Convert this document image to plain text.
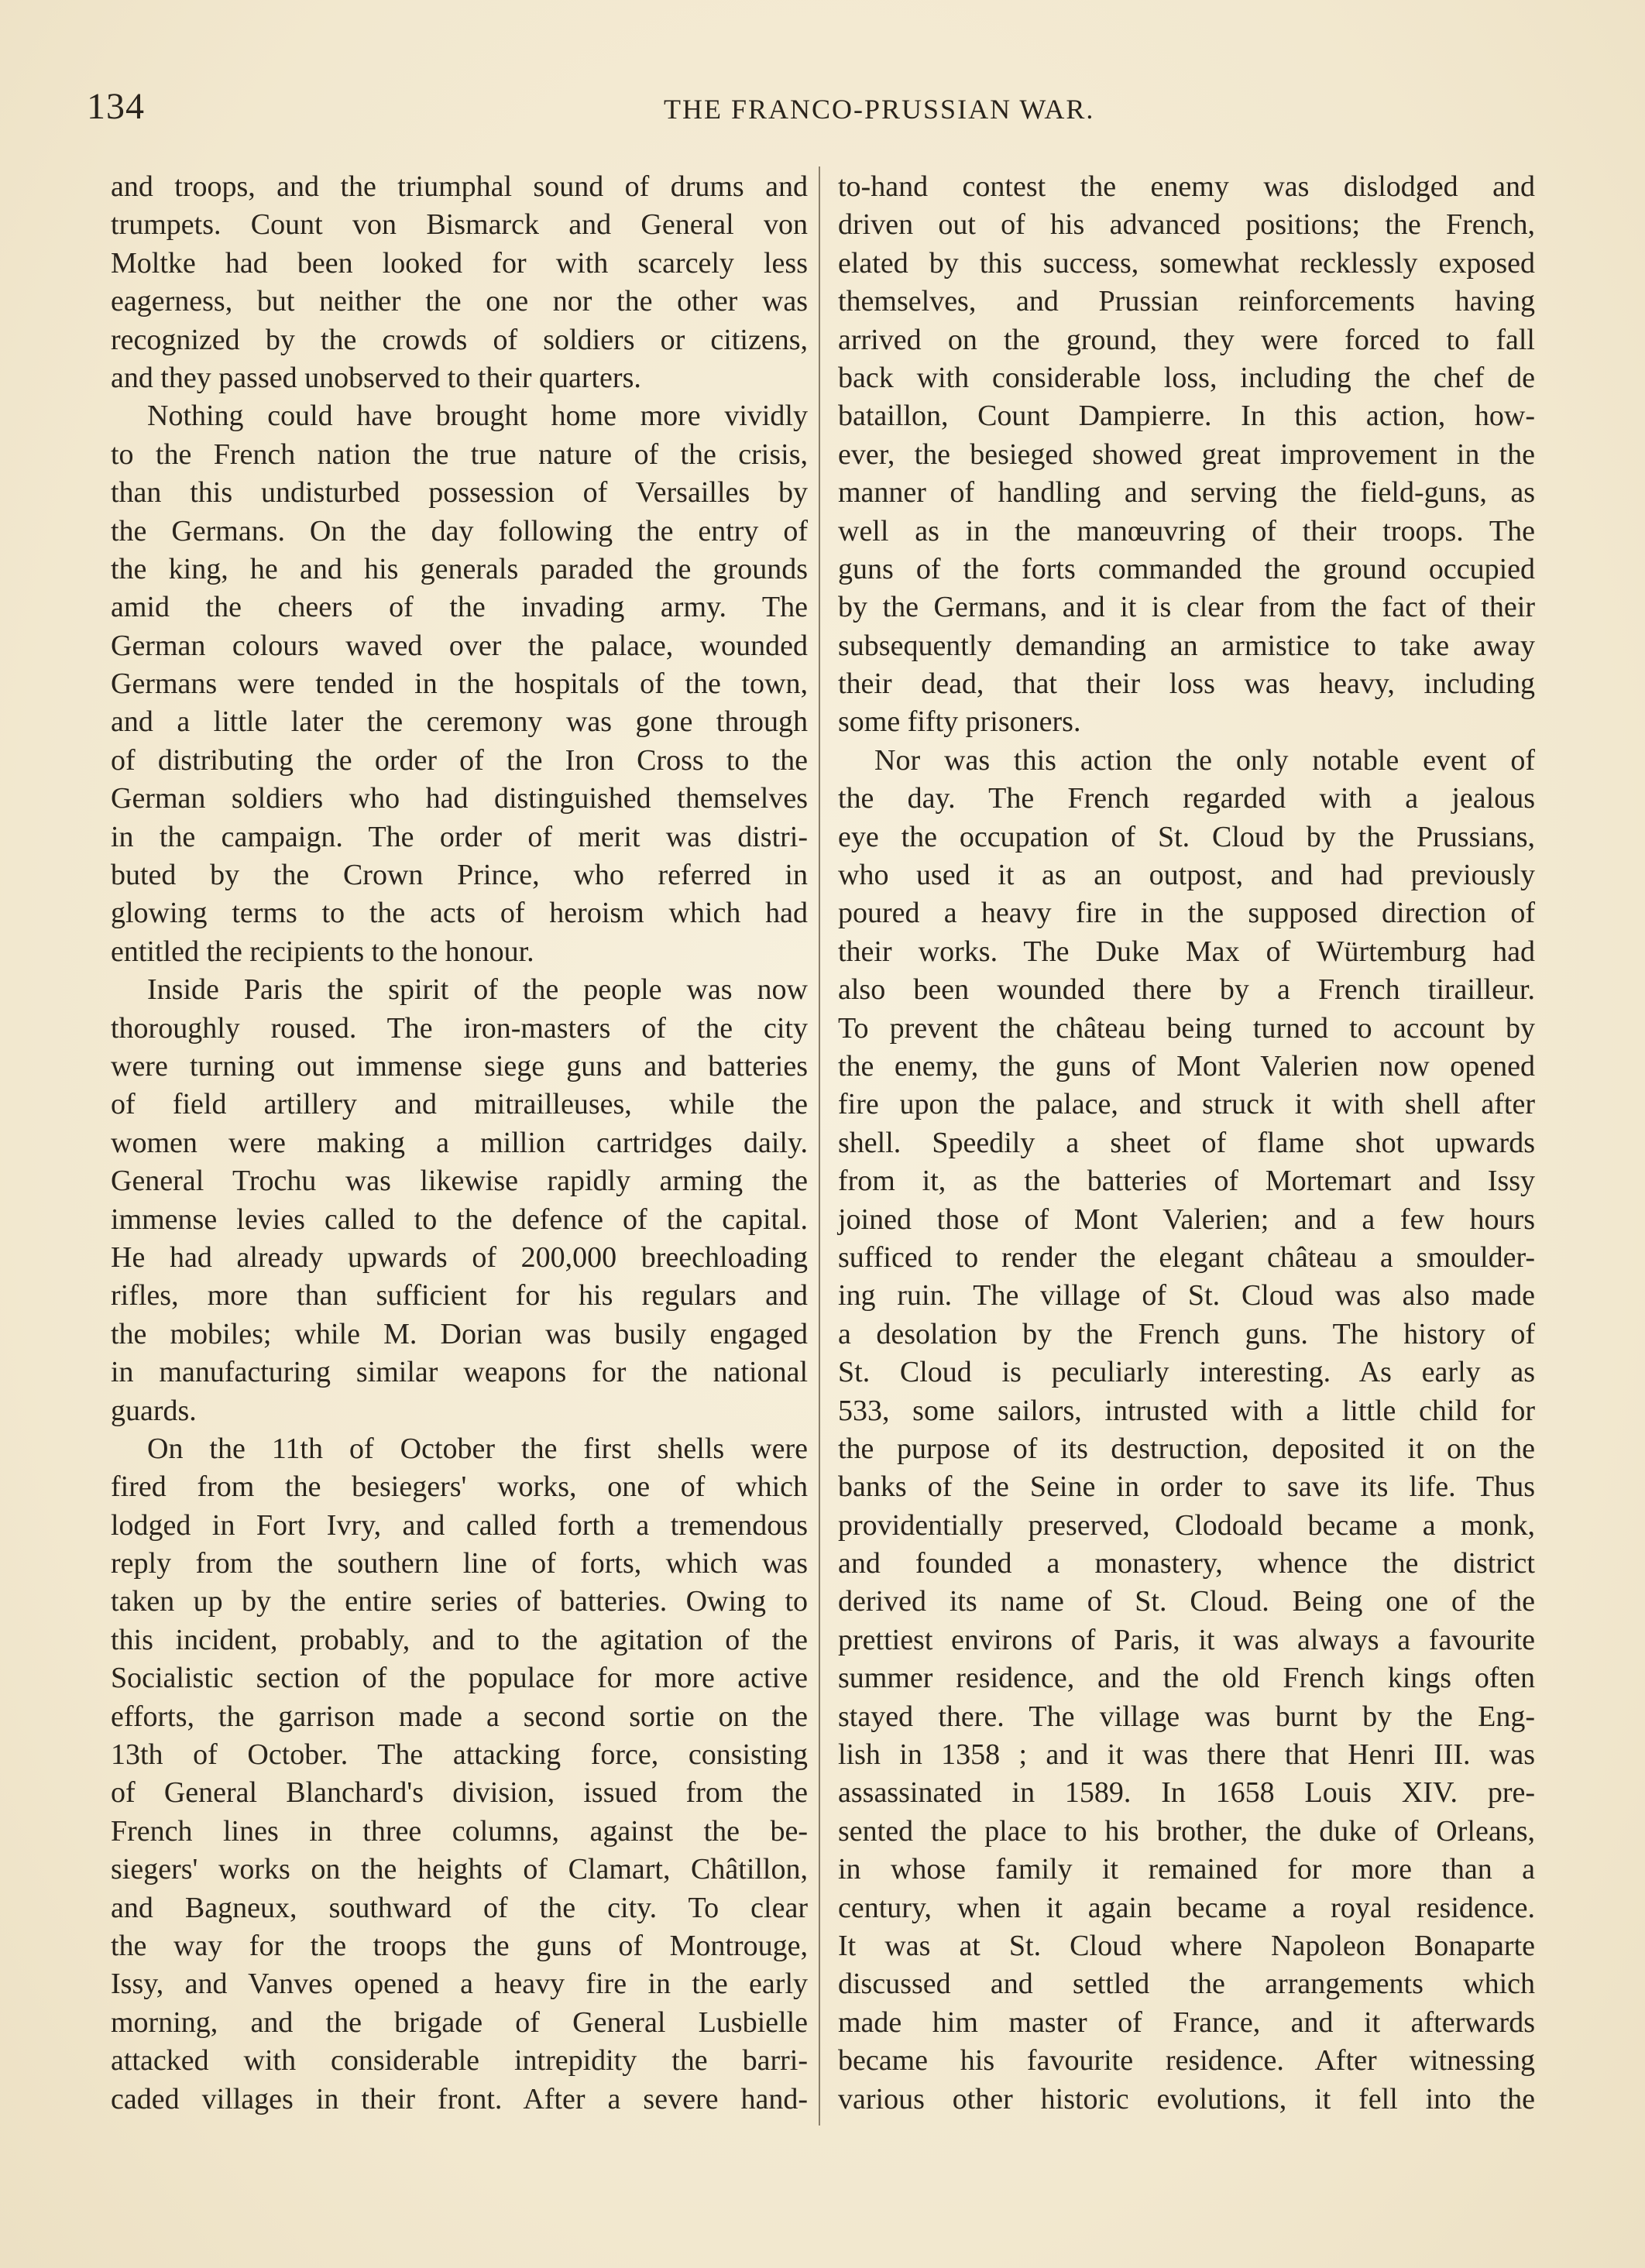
134	THE FRANCO-PRUSSIAN WAR.
and troops, and the triumphal sound of drums and
trumpets. Count von Bismarck and General von
Moltke had been looked for with scarcely less
eagerness, but neither the one nor the other was
recognized by the crowds of soldiers or citizens,
and they passed unobserved to their quarters.
Nothing could have brought home more vividly
to the French nation the true nature of the crisis,
than this undisturbed possession of Versailles by
the Germans. On the day following the entry of
the king, he and his generals paraded the grounds
amid the cheers of the invading army. The
German colours waved over the palace, wounded
Germans were tended in the hospitals of the town,
and a little later the ceremony was gone through
of distributing the order of the Iron Cross to the
German soldiers who had distinguished themselves
in the campaign. The order of merit was distri-
buted by the Crown Prince, who referred in
glowing terms to the acts of heroism which had
entitled the recipients to the honour.
Inside Paris the spirit of the people was now
thoroughly roused. The iron-masters of the city
were turning out immense siege guns and batteries
of field artillery and mitrailleuses, while the
women were making a million cartridges daily.
General Trochu was likewise rapidly arming the
immense levies called to the defence of the capital.
He had already upwards of 200,000 breechloading
rifles, more than sufficient for his regulars and
the mobiles; while M. Dorian was busily engaged
in manufacturing similar weapons for the national
guards.
On the 11th of October the first shells were
fired from the besiegers' works, one of which
lodged in Fort Ivry, and called forth a tremendous
reply from the southern line of forts, which was
taken up by the entire series of batteries. Owing to
this incident, probably, and to the agitation of the
Socialistic section of the populace for more active
efforts, the garrison made a second sortie on the
13th of October. The attacking force, consisting
of General Blanchard's division, issued from the
French lines in three columns, against the be-
siegers' works on the heights of Clamart, Châtillon,
and Bagneux, southward of the city. To clear
the way for the troops the guns of Montrouge,
Issy, and Vanves opened a heavy fire in the early
morning, and the brigade of General Lusbielle
attacked with considerable intrepidity the barri-
caded villages in their front. After a severe hand-
to-hand contest the enemy was dislodged and
driven out of his advanced positions; the French,
elated by this success, somewhat recklessly exposed
themselves, and Prussian reinforcements having
arrived on the ground, they were forced to fall
back with considerable loss, including the chef de
bataillon, Count Dampierre. In this action, how-
ever, the besieged showed great improvement in the
manner of handling and serving the field-guns, as
well as in the manœuvring of their troops. The
guns of the forts commanded the ground occupied
by the Germans, and it is clear from the fact of their
subsequently demanding an armistice to take away
their dead, that their loss was heavy, including
some fifty prisoners.
Nor was this action the only notable event of
the day. The French regarded with a jealous
eye the occupation of St. Cloud by the Prussians,
who used it as an outpost, and had previously
poured a heavy fire in the supposed direction of
their works. The Duke Max of Würtemburg had
also been wounded there by a French tirailleur.
To prevent the château being turned to account by
the enemy, the guns of Mont Valerien now opened
fire upon the palace, and struck it with shell after
shell. Speedily a sheet of flame shot upwards
from it, as the batteries of Mortemart and Issy
joined those of Mont Valerien; and a few hours
sufficed to render the elegant château a smoulder-
ing ruin. The village of St. Cloud was also made
a desolation by the French guns. The history of
St. Cloud is peculiarly interesting. As early as
533, some sailors, intrusted with a little child for
the purpose of its destruction, deposited it on the
banks of the Seine in order to save its life. Thus
providentially preserved, Clodoald became a monk,
and founded a monastery, whence the district
derived its name of St. Cloud. Being one of the
prettiest environs of Paris, it was always a favourite
summer residence, and the old French kings often
stayed there. The village was burnt by the Eng-
lish in 1358 ; and it was there that Henri III. was
assassinated in 1589. In 1658 Louis XIV. pre-
sented the place to his brother, the duke of Orleans,
in whose family it remained for more than a
century, when it again became a royal residence.
It was at St. Cloud where Napoleon Bonaparte
discussed and settled the arrangements which
made him master of France, and it afterwards
became his favourite residence. After witnessing
various other historic evolutions, it fell into the
